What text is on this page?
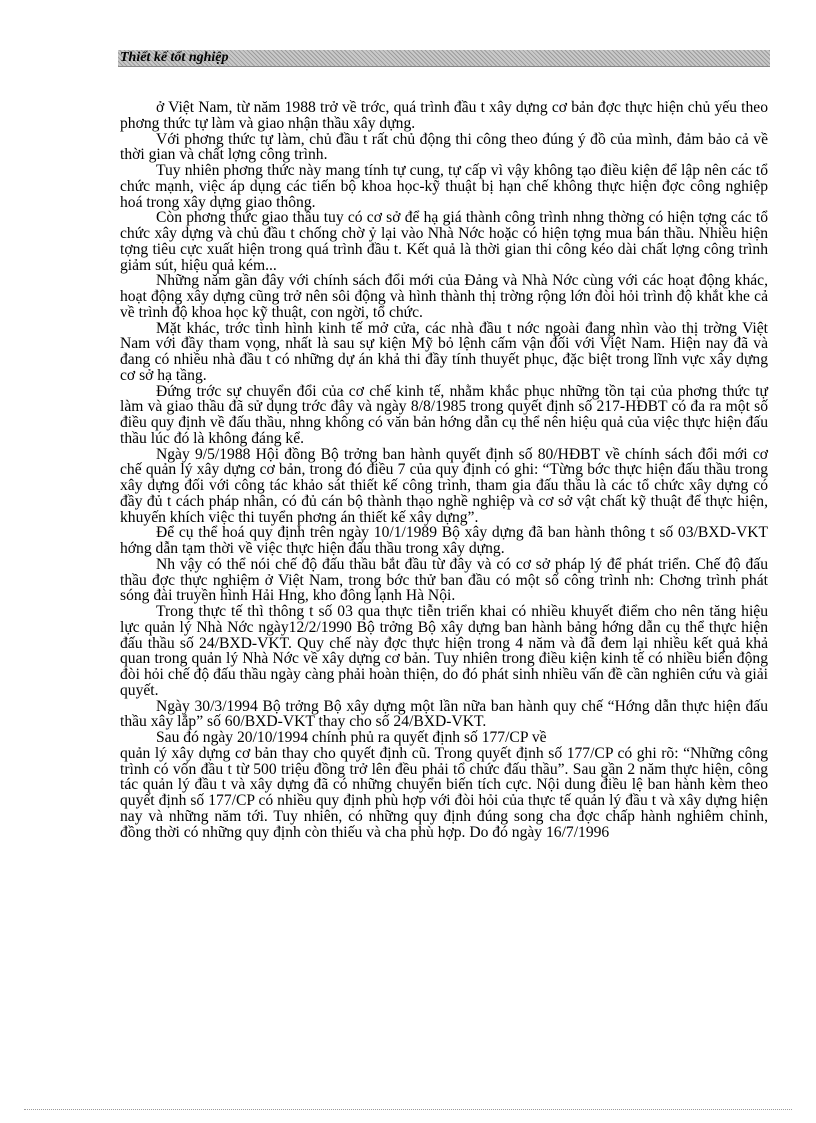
Thiết kế tốt nghiệp

ở Việt Nam, từ năm 1988 trở về trớc, quá trình đầu t xây dựng cơ bản đợc thực hiện chủ yếu theo phơng thức tự làm và giao nhận thầu xây dựng.

Với phơng thức tự làm, chủ đầu t rất chủ động thi công theo đúng ý đồ của mình, đảm bảo cả về thời gian và chất lợng công trình.

Tuy nhiên phơng thức này mang tính tự cung, tự cấp vì vậy không tạo điều kiện để lập nên các tổ chức mạnh, việc áp dụng các tiến bộ khoa học-kỹ thuật bị hạn chế không thực hiện đợc công nghiệp hoá trong xây dựng giao thông.

Còn phơng thức giao thầu tuy có cơ sở để hạ giá thành công trình nhng thờng có hiện tợng các tổ chức xây dựng và chủ đầu t chống chờ ỷ lại vào Nhà Nớc hoặc có hiện tợng mua bán thầu. Nhiều hiện tợng tiêu cực xuất hiện trong quá trình đầu t. Kết quả là thời gian thi công kéo dài chất lợng công trình giảm sút, hiệu quả kém...

Những năm gần đây với chính sách đổi mới của Đảng và Nhà Nớc cùng với các hoạt động khác, hoạt động xây dựng cũng trở nên sôi động và hình thành thị trờng rộng lớn đòi hỏi trình độ khắt khe cả về trình độ khoa học kỹ thuật, con ngời, tổ chức.

Mặt khác, trớc tình hình kinh tế mở cửa, các nhà đầu t nớc ngoài đang nhìn vào thị trờng Việt Nam với đầy tham vọng, nhất là sau sự kiện Mỹ bỏ lệnh cấm vận đối với Việt Nam. Hiện nay đã và đang có nhiều nhà đầu t có những dự án khả thi đầy tính thuyết phục, đặc biệt trong lĩnh vực xây dựng cơ sở hạ tầng.

Đứng trớc sự chuyển đổi của cơ chế kinh tế, nhằm khắc phục những tồn tại của phơng thức tự làm và giao thầu đã sử dụng trớc đây và ngày 8/8/1985 trong quyết định số 217-HĐBT có đa ra một số điều quy định về đấu thầu, nhng không có văn bản hớng dẫn cụ thể nên hiệu quả của việc thực hiện đấu thầu lúc đó là không đáng kể.

Ngày 9/5/1988 Hội đồng Bộ trởng ban hành quyết định số 80/HĐBT về chính sách đổi mới cơ chế quản lý xây dựng cơ bản, trong đó điều 7 của quy định có ghi: “Từng bớc thực hiện đấu thầu trong xây dựng đối với công tác khảo sát thiết kế công trình, tham gia đấu thầu là các tổ chức xây dựng có đầy đủ t cách pháp nhân, có đủ cán bộ thành thạo nghề nghiệp và cơ sở vật chất kỹ thuật để thực hiện, khuyến khích việc thi tuyển phơng án thiết kế xây dựng”.

Để cụ thể hoá quy định trên ngày 10/1/1989 Bộ xây dựng đã ban hành thông t số 03/BXD-VKT hớng dẫn tạm thời về việc thực hiện đấu thầu trong xây dựng.

Nh vậy có thể nói chế độ đấu thầu bắt đầu từ đây và có cơ sở pháp lý để phát triển. Chế độ đấu thầu đợc thực nghiệm ở Việt Nam, trong bớc thử ban đầu có một số công trình nh: Chơng trình phát sóng đài truyền hình Hải Hng, kho đông lạnh Hà Nội.

Trong thực tế thì thông t số 03 qua thực tiễn triển khai có nhiều khuyết điểm cho nên tăng hiệu lực quản lý Nhà Nớc ngày12/2/1990 Bộ trởng Bộ xây dựng ban hành bảng hớng dẫn cụ thể thực hiện đấu thầu số 24/BXD-VKT. Quy chế này đợc thực hiện trong 4 năm và đã đem lại nhiều kết quả khả quan trong quản lý Nhà Nớc về xây dựng cơ bản. Tuy nhiên trong điều kiện kinh tế có nhiều biến động đòi hỏi chế độ đấu thầu ngày càng phải hoàn thiện, do đó phát sinh nhiều vấn đề cần nghiên cứu và giải quyết.

Ngày 30/3/1994 Bộ trởng Bộ xây dựng một lần nữa ban hành quy chế “Hớng dẫn thực hiện đấu thầu xây lắp” số 60/BXD-VKT thay cho số 24/BXD-VKT.

Sau đó ngày 20/10/1994 chính phủ ra quyết định số 177/CP về

quản lý xây dựng cơ bản thay cho quyết định cũ. Trong quyết định số 177/CP có ghi rõ: “Những công trình có vốn đầu t từ 500 triệu đồng trở lên đều phải tổ chức đấu thầu”. Sau gần 2 năm thực hiện, công tác quản lý đầu t và xây dựng đã có những chuyển biến tích cực. Nội dung điều lệ ban hành kèm theo quyết định số 177/CP có nhiều quy định phù hợp với đòi hỏi của thực tế quản lý đầu t và xây dựng hiện nay và những năm tới. Tuy nhiên, có những quy định đúng song cha đợc chấp hành nghiêm chỉnh, đồng thời có những quy định còn thiếu và cha phù hợp. Do đó ngày 16/7/1996
